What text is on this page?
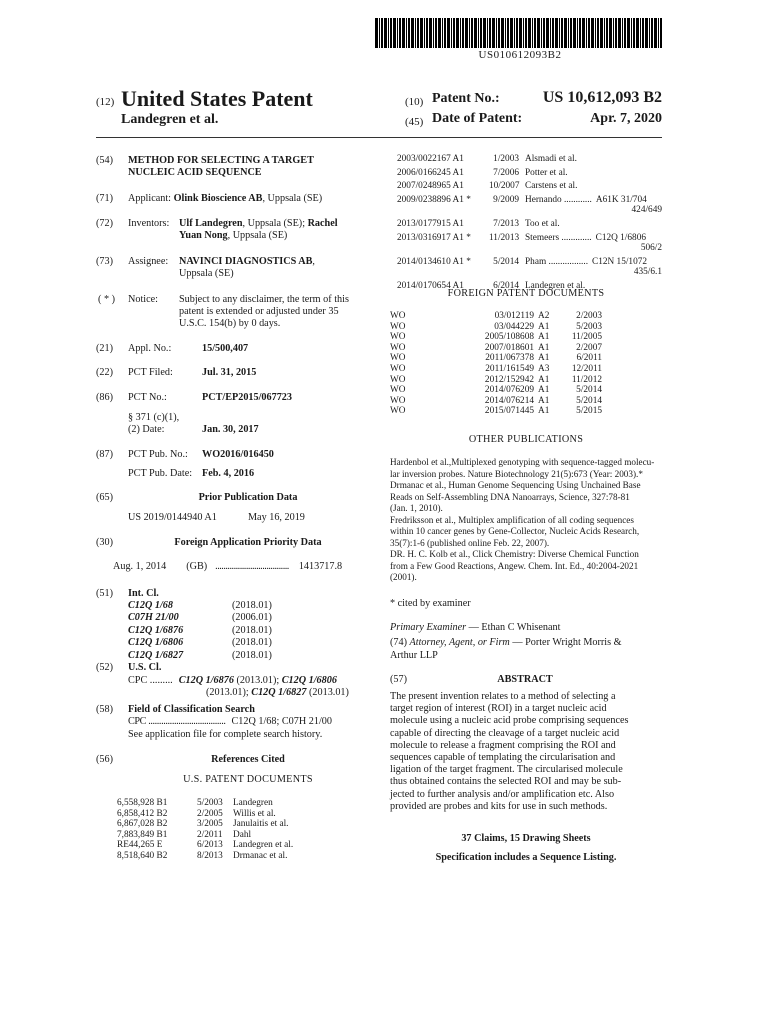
US010612093B2
(12) United States Patent
Landegren et al.
(10) Patent No.:	US 10,612,093 B2
(45) Date of Patent:	Apr. 7, 2020
(54) METHOD FOR SELECTING A TARGET
NUCLEIC ACID SEQUENCE
(71) Applicant: Olink Bioscience AB, Uppsala (SE)
(72) Inventors: Ulf Landegren, Uppsala (SE); Rachel
Yuan Nong, Uppsala (SE)
(73) Assignee: NAVINCI DIAGNOSTICS AB,
Uppsala (SE)
( * ) Notice: Subject to any disclaimer, the term of this
patent is extended or adjusted under 35
U.S.C. 154(b) by 0 days.
(21) Appl. No.:	15/500,407
(22) PCT Filed:	Jul. 31, 2015
(86) PCT No.:	PCT/EP2015/067723
§ 371 (c)(1),
(2) Date:	Jan. 30, 2017
(87) PCT Pub. No.: WO2016/016450
PCT Pub. Date: Feb. 4, 2016
(65)	Prior Publication Data
US 2019/0144940 A1	May 16, 2019
(30)	Foreign Application Priority Data
Aug. 1, 2014 (GB) .................................... 1413717.8
(51) Int. Cl.
C12Q 1/68	(2018.01)
C07H 21/00	(2006.01)
C12Q 1/6876	(2018.01)
C12Q 1/6806	(2018.01)
C12Q 1/6827	(2018.01)
(52) U.S. Cl.
CPC ......... C12Q 1/6876 (2013.01); C12Q 1/6806
(2013.01); C12Q 1/6827 (2013.01)
(58) Field of Classification Search
CPC .................................... C12Q 1/68; C07H 21/00
See application file for complete search history.
(56)	References Cited
U.S. PATENT DOCUMENTS
6,558,928 B1	5/2003	Landegren
6,858,412 B2	2/2005	Willis et al.
6,867,028 B2	3/2005	Janulaitis et al.
7,883,849 B1	2/2011	Dahl
RE44,265 E	6/2013	Landegren et al.
8,518,640 B2	8/2013	Drmanac et al.
2003/0022167 A1	1/2003 Alsmadi et al.
2006/0166245 A1	7/2006 Potter et al.
2007/0248965 A1	10/2007 Carstens et al.
2009/0238896 A1 *	9/2009 Hernando ............ A61K 31/704
424/649
2013/0177915 A1	7/2013 Too et al.
2013/0316917 A1 *	11/2013 Stemeers ............. C12Q 1/6806
506/2
2014/0134610 A1 *	5/2014 Pham ................. C12N 15/1072
435/6.1
2014/0170654 A1	6/2014 Landegren et al.
FOREIGN PATENT DOCUMENTS
WO	03/012119 A2	2/2003
WO	03/044229 A1	5/2003
WO	2005/108608 A1	11/2005
WO	2007/018601 A1	2/2007
WO	2011/067378 A1	6/2011
WO	2011/161549 A3	12/2011
WO	2012/152942 A1	11/2012
WO	2014/076209 A1	5/2014
WO	2014/076214 A1	5/2014
WO	2015/071445 A1	5/2015
OTHER PUBLICATIONS
Hardenbol et al.,Multiplexed genotyping with sequence-tagged molecu-
lar inversion probes. Nature Biotechnology 21(5):673 (Year: 2003).*
Drmanac et al., Human Genome Sequencing Using Unchained Base
Reads on Self-Assembling DNA Nanoarrays, Science, 327:78-81
(Jan. 1, 2010).
Fredriksson et al., Multiplex amplification of all coding sequences
within 10 cancer genes by Gene-Collector, Nucleic Acids Research,
35(7):1-6 (published online Feb. 22, 2007).
DR. H. C. Kolb et al., Click Chemistry: Diverse Chemical Function
from a Few Good Reactions, Angew. Chem. Int. Ed., 40:2004-2021
(2001).
* cited by examiner
Primary Examiner — Ethan C Whisenant
(74) Attorney, Agent, or Firm — Porter Wright Morris &
Arthur LLP
(57)	ABSTRACT
The present invention relates to a method of selecting a
target region of interest (ROI) in a target nucleic acid
molecule using a nucleic acid probe comprising sequences
capable of directing the cleavage of a target nucleic acid
molecule to release a fragment comprising the ROI and
sequences capable of templating the circularisation and
ligation of the target fragment. The circularised molecule
thus obtained contains the selected ROI and may be sub-
jected to further analysis and/or amplification etc. Also
provided are probes and kits for use in such methods.
37 Claims, 15 Drawing Sheets
Specification includes a Sequence Listing.
